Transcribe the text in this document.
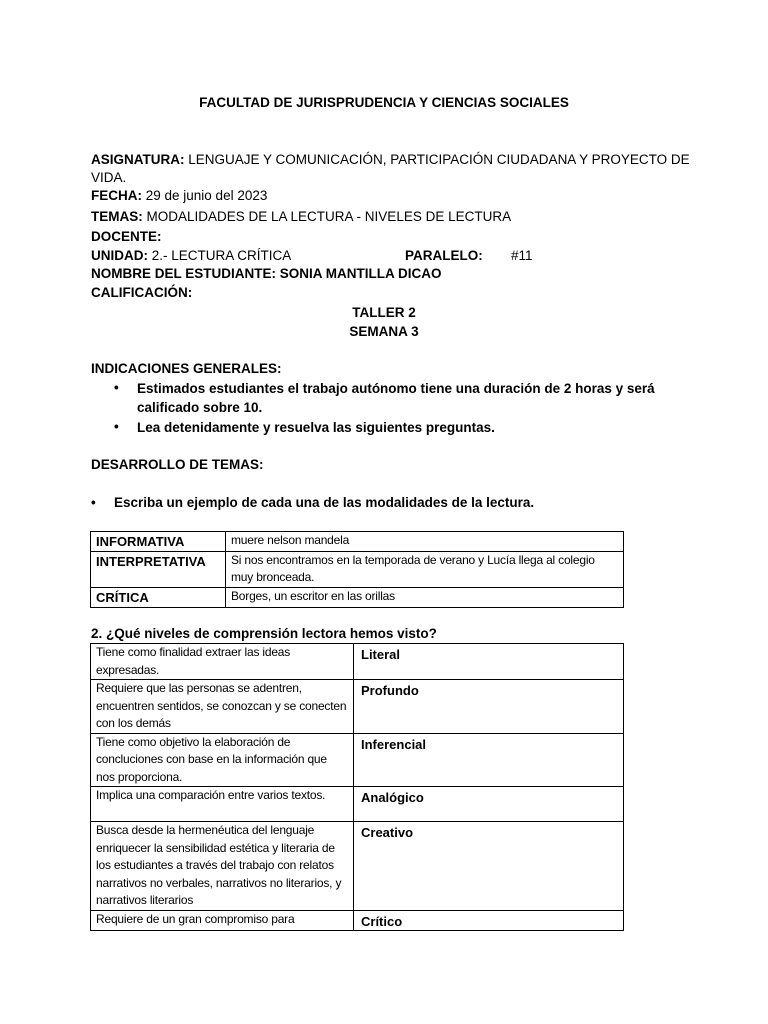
FACULTAD DE JURISPRUDENCIA Y CIENCIAS SOCIALES
ASIGNATURA: LENGUAJE Y COMUNICACIÓN, PARTICIPACIÓN CIUDADANA Y PROYECTO DE
VIDA.
FECHA: 29 de junio del 2023
TEMAS: MODALIDADES DE LA LECTURA - NIVELES DE LECTURA
DOCENTE:
UNIDAD: 2.- LECTURA CRÍTICA	PARALELO: #11
NOMBRE DEL ESTUDIANTE: SONIA MANTILLA DICAO
CALIFICACIÓN:
TALLER 2
SEMANA 3
INDICACIONES GENERALES:
• Estimados estudiantes el trabajo autónomo tiene una duración de 2 horas y será calificado sobre 10.
• Lea detenidamente y resuelva las siguientes preguntas.
DESARROLLO DE TEMAS:
• Escriba un ejemplo de cada una de las modalidades de la lectura.
INFORMATIVA	muere nelson mandela
INTERPRETATIVA	Si nos encontramos en la temporada de verano y Lucía llega al colegio muy bronceada.
CRÍTICA	Borges, un escritor en las orillas
2. ¿Qué niveles de comprensión lectora hemos visto?
Tiene como finalidad extraer las ideas expresadas.	Literal
Requiere que las personas se adentren, encuentren sentidos, se conozcan y se conecten con los demás	Profundo
Tiene como objetivo la elaboración de concluciones con base en la información que nos proporciona.	Inferencial
Implica una comparación entre varios textos.	Analógico
Busca desde la hermenéutica del lenguaje enriquecer la sensibilidad estética y literaria de los estudiantes a través del trabajo con relatos narrativos no verbales, narrativos no literarios, y narrativos literarios	Creativo
Requiere de un gran compromiso para	Crítico
